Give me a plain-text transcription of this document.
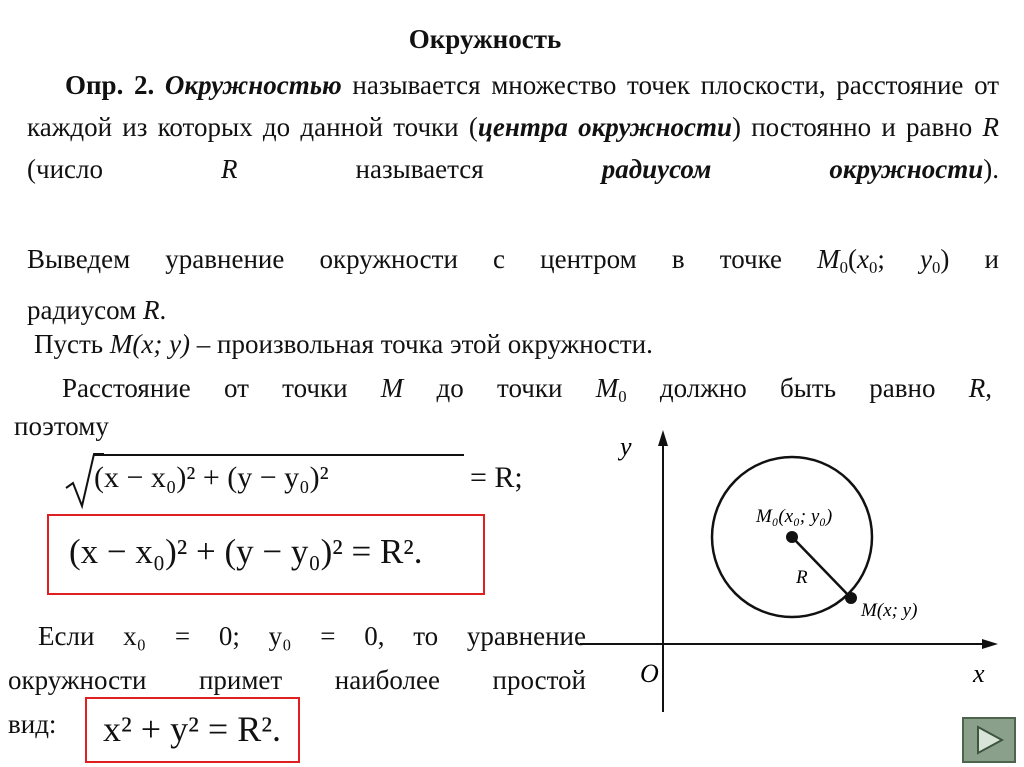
Окружность
Опр. 2. Окружностью называется множество точек плоскости, расстояние от каждой из которых до данной точки (центра окружности) постоянно и равно R (число R называется радиусом окружности).
Выведем уравнение окружности с центром в точке $M_0(x_0$; $y_0$) и
радиусом R.
Пусть M(x; y) – произвольная точка этой окружности.
Расстояние от точки M до точки $M_0$ должно быть равно R,
поэтому
(x − x₀)² + (y − y₀)²	= R;
(x − x₀)² + (y − y₀)² = R².
Если x₀ = 0; y₀ = 0, то уравнение
окружности примет наиболее простой
вид:	x² + y² = R².
y
x
O
M₀(x₀; y₀)
M(x; y)
R
